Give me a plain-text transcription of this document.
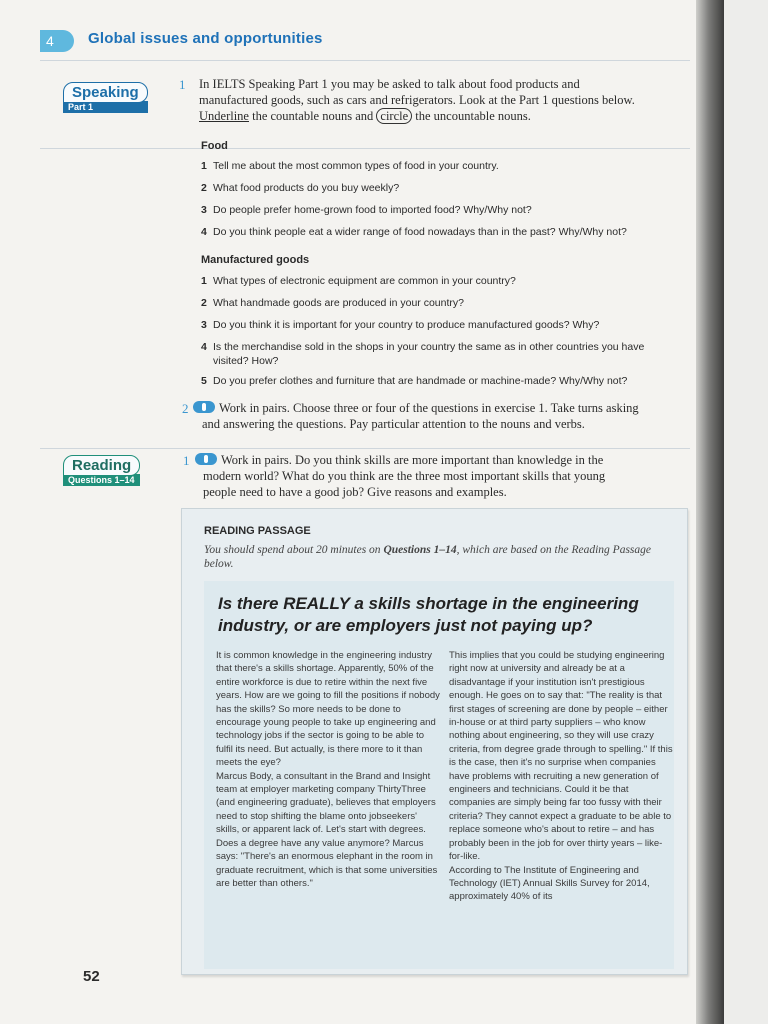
4	Global issues and opportunities
Speaking
Part 1
1 In IELTS Speaking Part 1 you may be asked to talk about food products and
manufactured goods, such as cars and refrigerators. Look at the Part 1 questions below.
Underline the countable nouns and circle the uncountable nouns.
Food
1 Tell me about the most common types of food in your country.
2 What food products do you buy weekly?
3 Do people prefer home-grown food to imported food? Why/Why not?
4 Do you think people eat a wider range of food nowadays than in the past? Why/Why not?
Manufactured goods
1 What types of electronic equipment are common in your country?
2 What handmade goods are produced in your country?
3 Do you think it is important for your country to produce manufactured goods? Why?
4 Is the merchandise sold in the shops in your country the same as in other countries you have visited? How?
5 Do you prefer clothes and furniture that are handmade or machine-made? Why/Why not?
2	Work in pairs. Choose three or four of the questions in exercise 1. Take turns asking
and answering the questions. Pay particular attention to the nouns and verbs.
Reading
Questions 1–14
1	Work in pairs. Do you think skills are more important than knowledge in the
modern world? What do you think are the three most important skills that young
people need to have a good job? Give reasons and examples.
READING PASSAGE
You should spend about 20 minutes on Questions 1–14, which are based on the Reading Passage below.
Is there REALLY a skills shortage in the engineering industry, or are employers just not paying up?

It is common knowledge in the engineering industry that there's a skills shortage. Apparently, 50% of the entire workforce is due to retire within the next five years. How are we going to fill the positions if nobody has the skills? So more needs to be done to encourage young people to take up engineering and technology jobs if the sector is going to be able to fulfil its need. But actually, is there more to it than meets the eye?

Marcus Body, a consultant in the Brand and Insight team at employer marketing company ThirtyThree (and engineering graduate), believes that employers need to stop shifting the blame onto jobseekers' skills, or apparent lack of. Let's start with degrees. Does a degree have any value anymore? Marcus says: "There's an enormous elephant in the room in graduate recruitment, which is that some universities are better than others."

This implies that you could be studying engineering right now at university and already be at a disadvantage if your institution isn't prestigious enough. He goes on to say that: "The reality is that first stages of screening are done by people – either in-house or at third party suppliers – who know nothing about engineering, so they will use crazy criteria, from degree grade through to spelling." If this is the case, then it's no surprise when companies have problems with recruiting a new generation of engineers and technicians. Could it be that companies are simply being far too fussy with their criteria? They cannot expect a graduate to be able to replace someone who's about to retire – and has probably been in the job for over thirty years – like-for-like.

According to The Institute of Engineering and Technology (IET) Annual Skills Survey for 2014, approximately 40% of its

52
